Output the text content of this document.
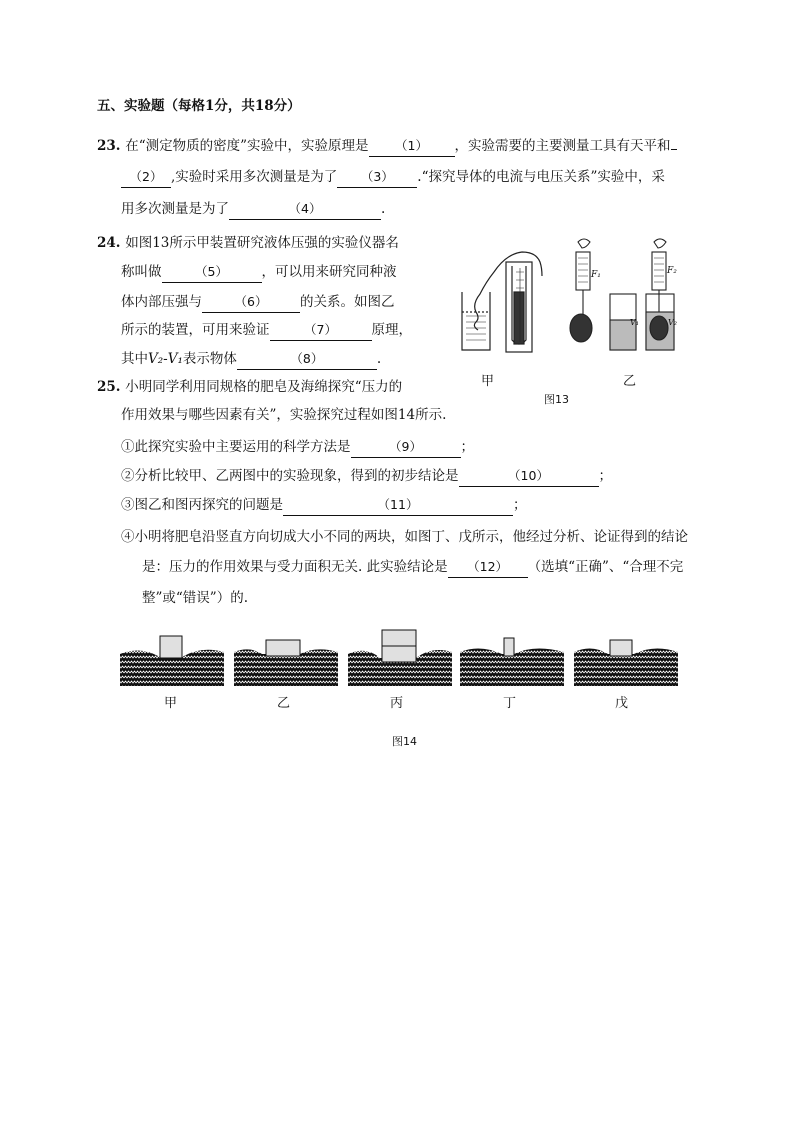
五、实验题（每格1分，共18分）
23. 在“测定物质的密度”实验中，实验原理是 （1） ，实验需要的主要测量工具有天平和
（2） ,实验时采用多次测量是为了 （3） .“探究导体的电流与电压关系”实验中，采
用多次测量是为了	（4）	.
24. 如图13所示甲装置研究液体压强的实验仪器名
称叫做	（5） ，可以用来研究同种液
体内部压强与	（6） 的关系。如图乙
所示的装置，可用来验证	（7）	原理，
其中V₂-V₁表示物体	（8）	.
F₁	F₂
V₁	V₂
甲	乙
图13
25. 小明同学利用同规格的肥皂及海绵探究“压力的
作用效果与哪些因素有关”，实验探究过程如图14所示.
①此探究实验中主要运用的科学方法是	（9）	；
②分析比较甲、乙两图中的实验现象，得到的初步结论是	（10）	；
③图乙和图丙探究的问题是	（11）	；
④小明将肥皂沿竖直方向切成大小不同的两块，如图丁、戊所示，他经过分析、论证得到的结论
是：压力的作用效果与受力面积无关. 此实验结论是 （12） （选填“正确”、“合理不完
整”或“错误”）的.
甲	乙	丙	丁	戊
图14
